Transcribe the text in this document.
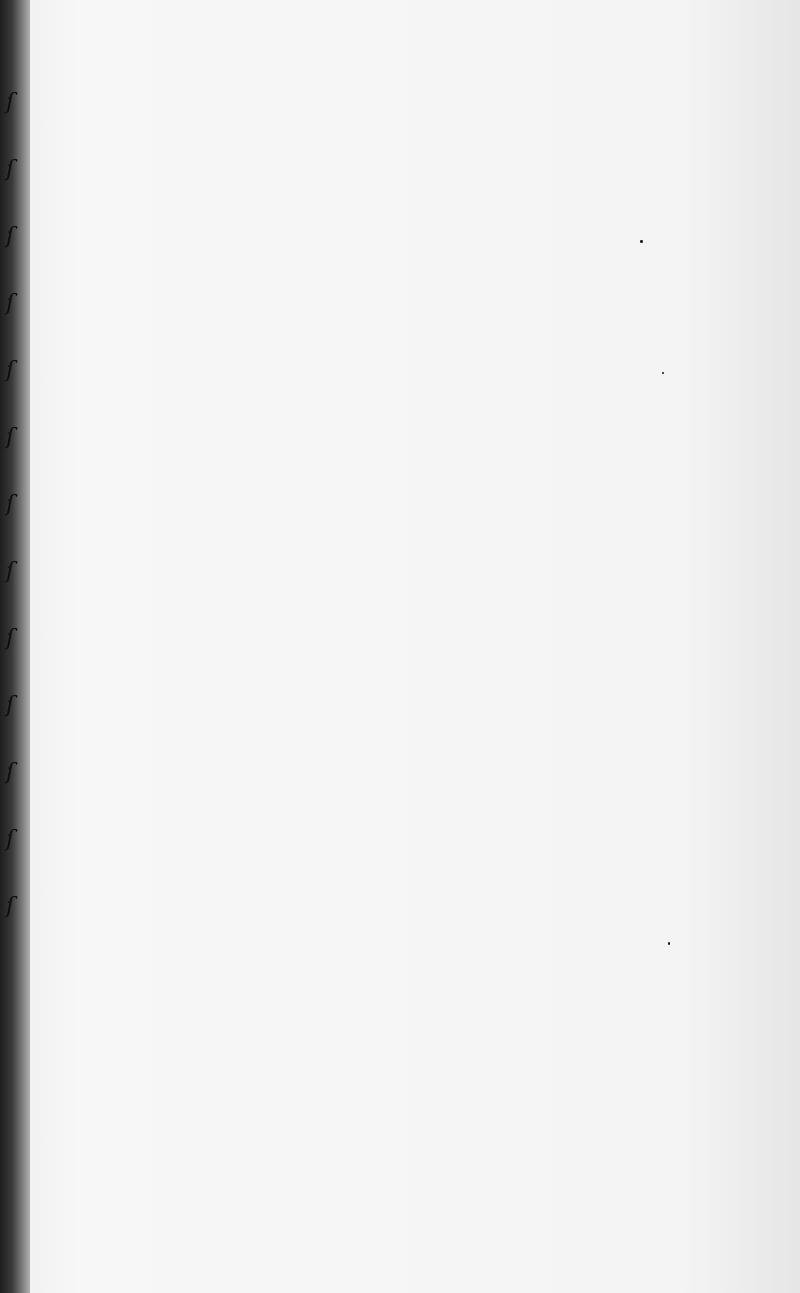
ſ
ſ
ſ
ſ
ſ
ſ
ſ
ſ
ſ
ſ
ſ
ſ
ſ
